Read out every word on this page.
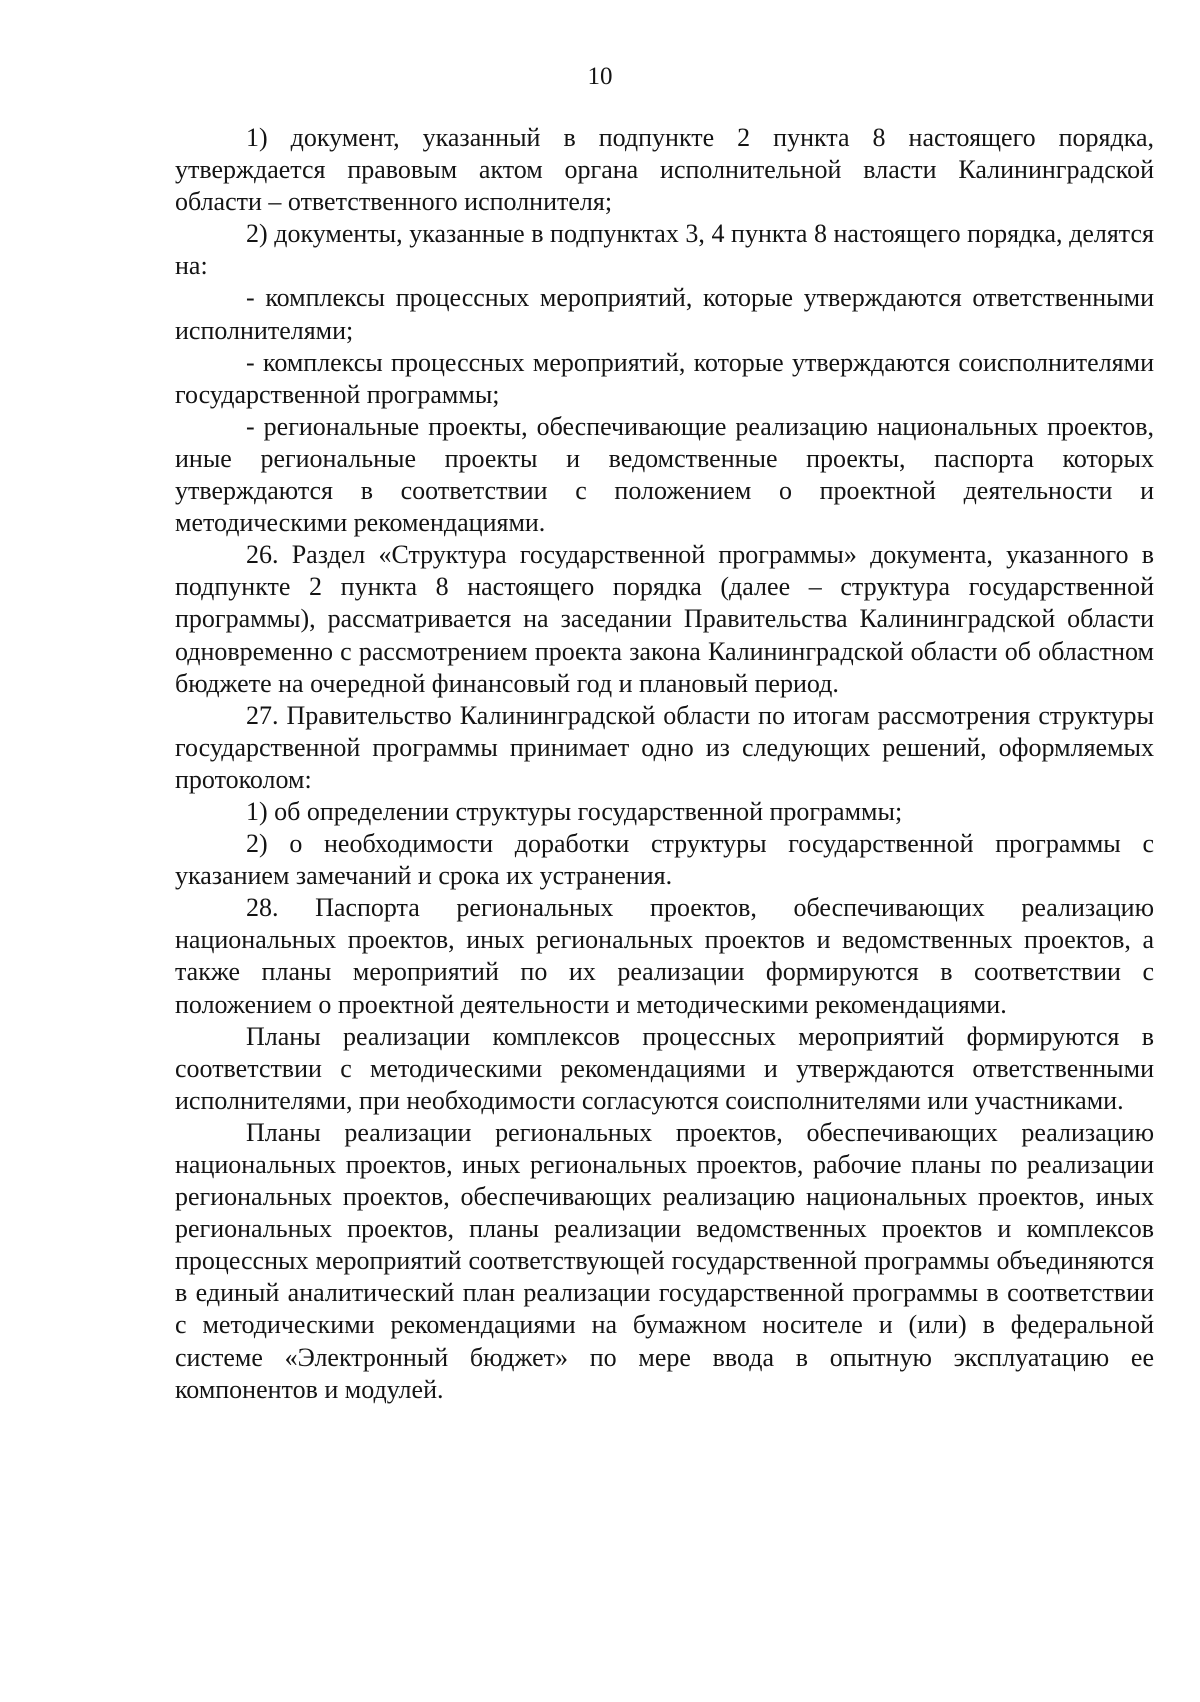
10

1) документ, указанный в подпункте 2 пункта 8 настоящего порядка, утверждается правовым актом органа исполнительной власти Калининградской области – ответственного исполнителя;

2) документы, указанные в подпунктах 3, 4 пункта 8 настоящего порядка, делятся на:

- комплексы процессных мероприятий, которые утверждаются ответственными исполнителями;

- комплексы процессных мероприятий, которые утверждаются соисполнителями государственной программы;

- региональные проекты, обеспечивающие реализацию национальных проектов, иные региональные проекты и ведомственные проекты, паспорта которых утверждаются в соответствии с положением о проектной деятельности и методическими рекомендациями.

26. Раздел «Структура государственной программы» документа, указанного в подпункте 2 пункта 8 настоящего порядка (далее – структура государственной программы), рассматривается на заседании Правительства Калининградской области одновременно с рассмотрением проекта закона Калининградской области об областном бюджете на очередной финансовый год и плановый период.

27. Правительство Калининградской области по итогам рассмотрения структуры государственной программы принимает одно из следующих решений, оформляемых протоколом:

1) об определении структуры государственной программы;

2) о необходимости доработки структуры государственной программы с указанием замечаний и срока их устранения.

28. Паспорта региональных проектов, обеспечивающих реализацию национальных проектов, иных региональных проектов и ведомственных проектов, а также планы мероприятий по их реализации формируются в соответствии с положением о проектной деятельности и методическими рекомендациями.

Планы реализации комплексов процессных мероприятий формируются в соответствии с методическими рекомендациями и утверждаются ответственными исполнителями, при необходимости согласуются соисполнителями или участниками.

Планы реализации региональных проектов, обеспечивающих реализацию национальных проектов, иных региональных проектов, рабочие планы по реализации региональных проектов, обеспечивающих реализацию национальных проектов, иных региональных проектов, планы реализации ведомственных проектов и комплексов процессных мероприятий соответствующей государственной программы объединяются в единый аналитический план реализации государственной программы в соответствии с методическими рекомендациями на бумажном носителе и (или) в федеральной системе «Электронный бюджет» по мере ввода в опытную эксплуатацию ее компонентов и модулей.
